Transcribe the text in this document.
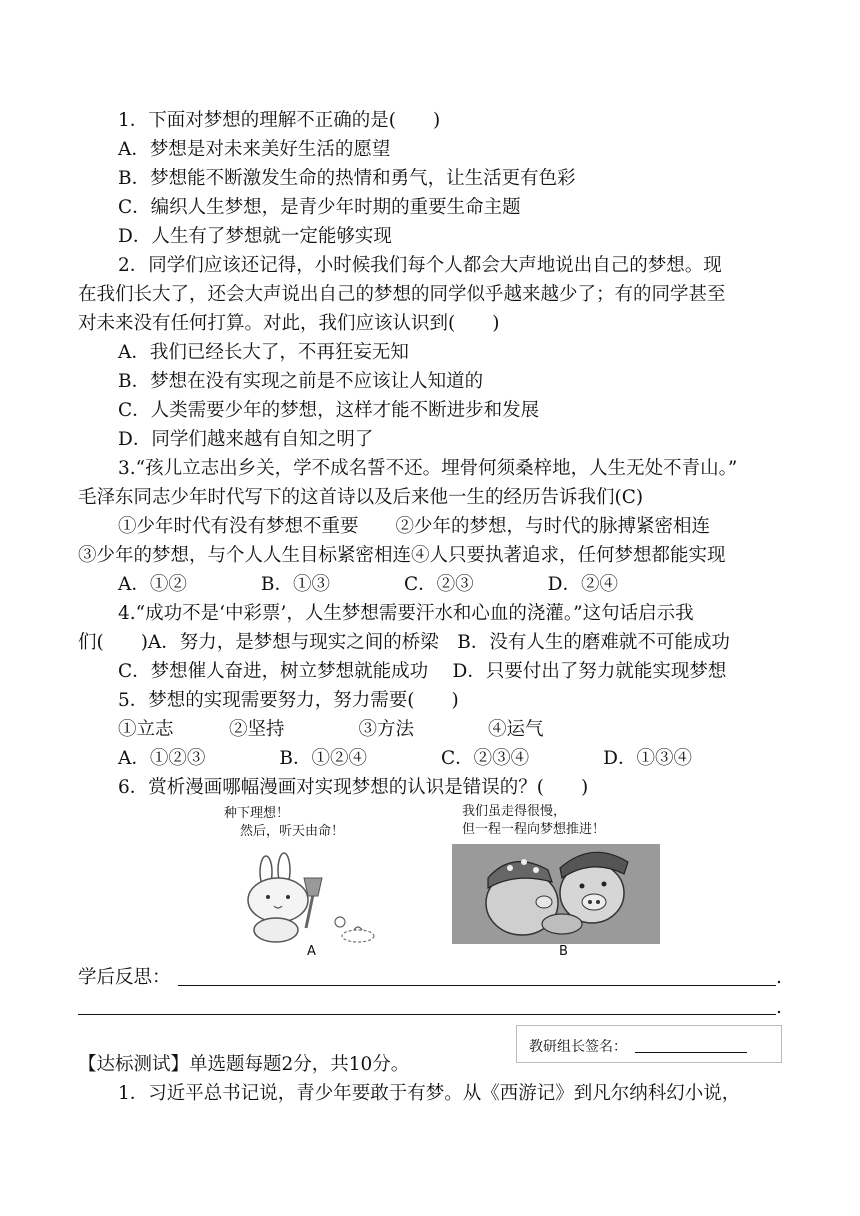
1．下面对梦想的理解不正确的是(　　)
A．梦想是对未来美好生活的愿望
B．梦想能不断激发生命的热情和勇气，让生活更有色彩
C．编织人生梦想，是青少年时期的重要生命主题
D．人生有了梦想就一定能够实现
2．同学们应该还记得，小时候我们每个人都会大声地说出自己的梦想。现
在我们长大了，还会大声说出自己的梦想的同学似乎越来越少了；有的同学甚至
对未来没有任何打算。对此，我们应该认识到(　　)
A．我们已经长大了，不再狂妄无知
B．梦想在没有实现之前是不应该让人知道的
C．人类需要少年的梦想，这样才能不断进步和发展
D．同学们越来越有自知之明了
3.“孩儿立志出乡关，学不成名誓不还。埋骨何须桑梓地，人生无处不青山。”
毛泽东同志少年时代写下的这首诗以及后来他一生的经历告诉我们(C)
①少年时代有没有梦想不重要　　②少年的梦想，与时代的脉搏紧密相连
③少年的梦想，与个人人生目标紧密相连④人只要执著追求，任何梦想都能实现
A．①②　　　　B．①③　　　　C．②③　　　　D．②④
4.“成功不是‘中彩票’，人生梦想需要汗水和心血的浇灌。”这句话启示我
们(　　)A．努力，是梦想与现实之间的桥梁　B．没有人生的磨难就不可能成功
C．梦想催人奋进，树立梦想就能成功　 D．只要付出了努力就能实现梦想
5．梦想的实现需要努力，努力需要(　　)
①立志　　　②坚持　　　　③方法　　　　④运气
A．①②③　　　　B．①②④　　　　C．②③④　　　　D．①③④
6．赏析漫画哪幅漫画对实现梦想的认识是错误的？(　　)
学后反思：	.
.
【达标测试】单选题每题2分，共10分。
1．习近平总书记说，青少年要敢于有梦。从《西游记》到凡尔纳科幻小说，
种下理想！
然后，听天由命！
A
我们虽走得很慢，
但一程一程向梦想推进！
B
教研组长签名：
